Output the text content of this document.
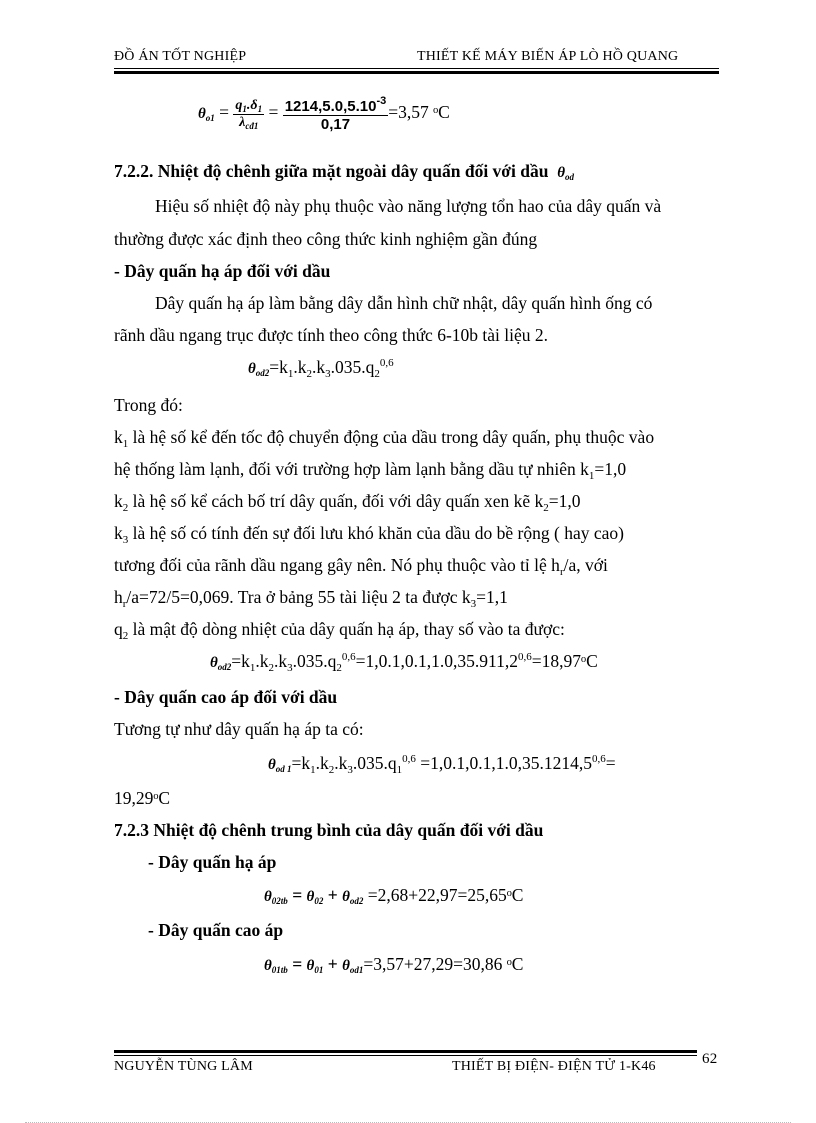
ĐỒ ÁN TỐT NGHIỆP	THIẾT KẾ MÁY BIẾN ÁP LÒ HỒ QUANG
$\theta_{o1} = \frac{q_1.\delta_1}{\lambda_{cđ1}} = \frac{1214,5.0,5.10^{-3}}{0,17} =3,57$ ᵒC
7.2.2. Nhiệt độ chênh giữa mặt ngoài dây quấn đối với dầu $\theta_{od}$
Hiệu số nhiệt độ này phụ thuộc vào năng lượng tổn hao của dây quấn và
thường được xác định theo công thức kinh nghiệm gần đúng
- Dây quấn hạ áp đối với dầu
Dây quấn hạ áp làm bằng dây dẫn hình chữ nhật, dây quấn hình ống có
rãnh dầu ngang trục được tính theo công thức 6-10b tài liệu 2.
$\theta_{od2}=k_1.k_2.k_3.035.q_2^{0,6}$
Trong đó:
$k_1$ là hệ số kể đến tốc độ chuyển động của dầu trong dây quấn, phụ thuộc vào
hệ thống làm lạnh, đối với trường hợp làm lạnh bằng dầu tự nhiên $k_1=1,0$
$k_2$ là hệ số kể cách bố trí dây quấn, đối với dây quấn xen kẽ $k_2=1,0$
$k_3$ là hệ số có tính đến sự đối lưu khó khăn của dầu do bề rộng ( hay cao)
tương đối của rãnh dầu ngang gây nên. Nó phụ thuộc vào tỉ lệ $h_r/a$, với
$h_r/a=72/5=0,069$. Tra ở bảng 55 tài liệu 2 ta được $k_3=1,1$
$q_2$ là mật độ dòng nhiệt của dây quấn hạ áp, thay số vào ta được:
$\theta_{od2}=k_1.k_2.k_3.035.q_2^{0,6}=1,0.1,0.1,1.0,35.911,2^{0,6}=18,97ᵒC$
- Dây quấn cao áp đối với dầu
Tương tự như dây quấn hạ áp ta có:
$\theta_{od 1}=k_1.k_2.k_3.035.q_1^{0,6} =1,0.1,0.1,1.0,35.1214,5^{0,6}=$
19,29ᵒC
7.2.3 Nhiệt độ chênh trung bình của dây quấn đối với dầu
- Dây quấn hạ áp
$\theta_{02tb} = \theta_{02} + \theta_{od2}$ =2,68+22,97=25,65ᵒC
- Dây quấn cao áp
$\theta_{01tb} = \theta_{01} + \theta_{od1}=3,57+27,29=30,86$ ᵒC
NGUYỄN TÙNG LÂM	THIẾT BỊ ĐIỆN- ĐIỆN TỬ 1-K46	62
